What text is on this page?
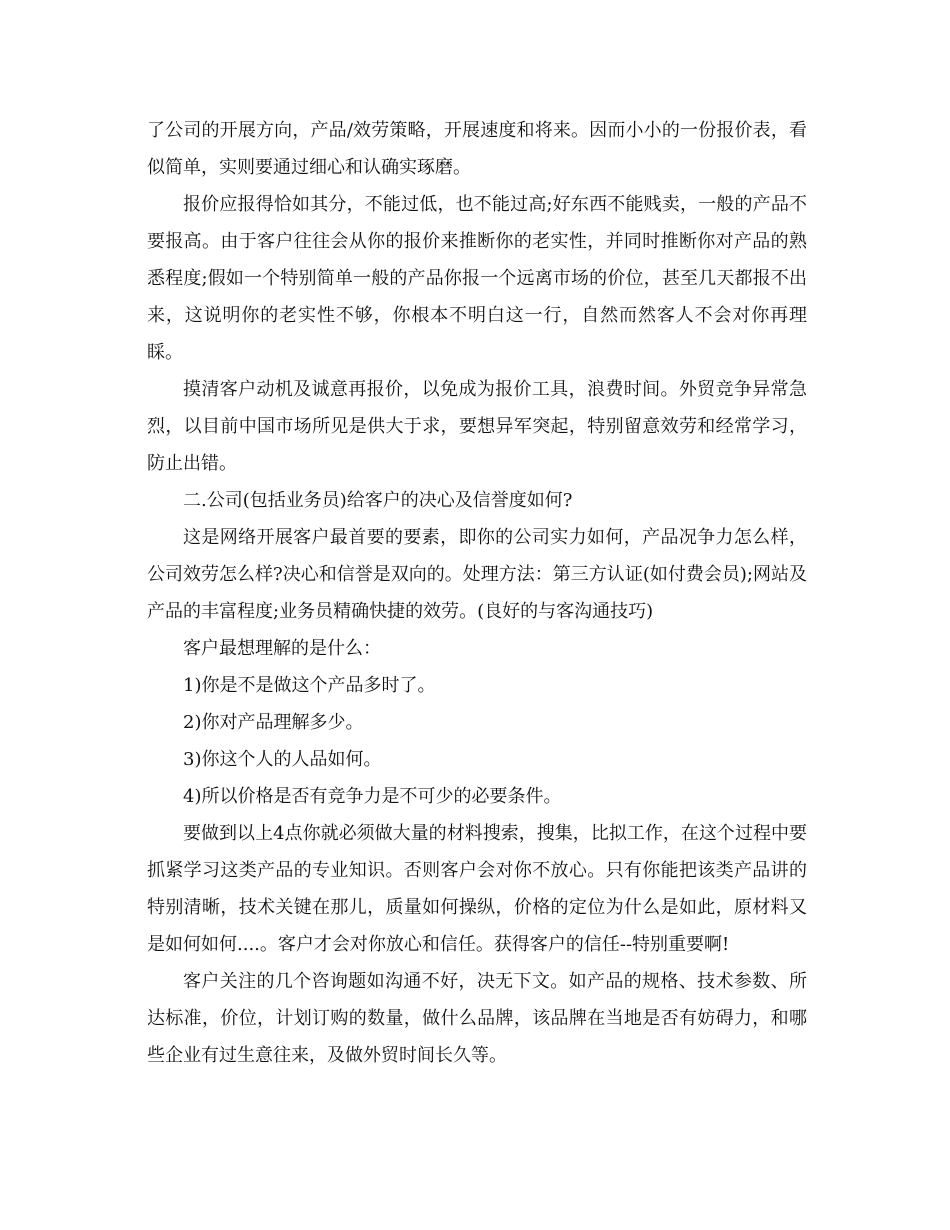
了公司的开展方向，产品/效劳策略，开展速度和将来。因而小小的一份报价表，看似简单，实则要通过细心和认确实琢磨。

报价应报得恰如其分，不能过低，也不能过高;好东西不能贱卖，一般的产品不要报高。由于客户往往会从你的报价来推断你的老实性，并同时推断你对产品的熟悉程度;假如一个特别简单一般的产品你报一个远离市场的价位，甚至几天都报不出来，这说明你的老实性不够，你根本不明白这一行，自然而然客人不会对你再理睬。

摸清客户动机及诚意再报价，以免成为报价工具，浪费时间。外贸竞争异常急烈，以目前中国市场所见是供大于求，要想异军突起，特别留意效劳和经常学习，防止出错。

二.公司(包括业务员)给客户的决心及信誉度如何?

这是网络开展客户最首要的要素，即你的公司实力如何，产品况争力怎么样，公司效劳怎么样?决心和信誉是双向的。处理方法：第三方认证(如付费会员);网站及产品的丰富程度;业务员精确快捷的效劳。(良好的与客沟通技巧)

客户最想理解的是什么：

1)你是不是做这个产品多时了。

2)你对产品理解多少。

3)你这个人的人品如何。

4)所以价格是否有竞争力是不可少的必要条件。

要做到以上4点你就必须做大量的材料搜索，搜集，比拟工作，在这个过程中要抓紧学习这类产品的专业知识。否则客户会对你不放心。只有你能把该类产品讲的特别清晰，技术关键在那儿，质量如何操纵，价格的定位为什么是如此，原材料又是如何如何....。客户才会对你放心和信任。获得客户的信任--特别重要啊!

客户关注的几个咨询题如沟通不好，决无下文。如产品的规格、技术参数、所达标准，价位，计划订购的数量，做什么品牌，该品牌在当地是否有妨碍力，和哪些企业有过生意往来，及做外贸时间长久等。
